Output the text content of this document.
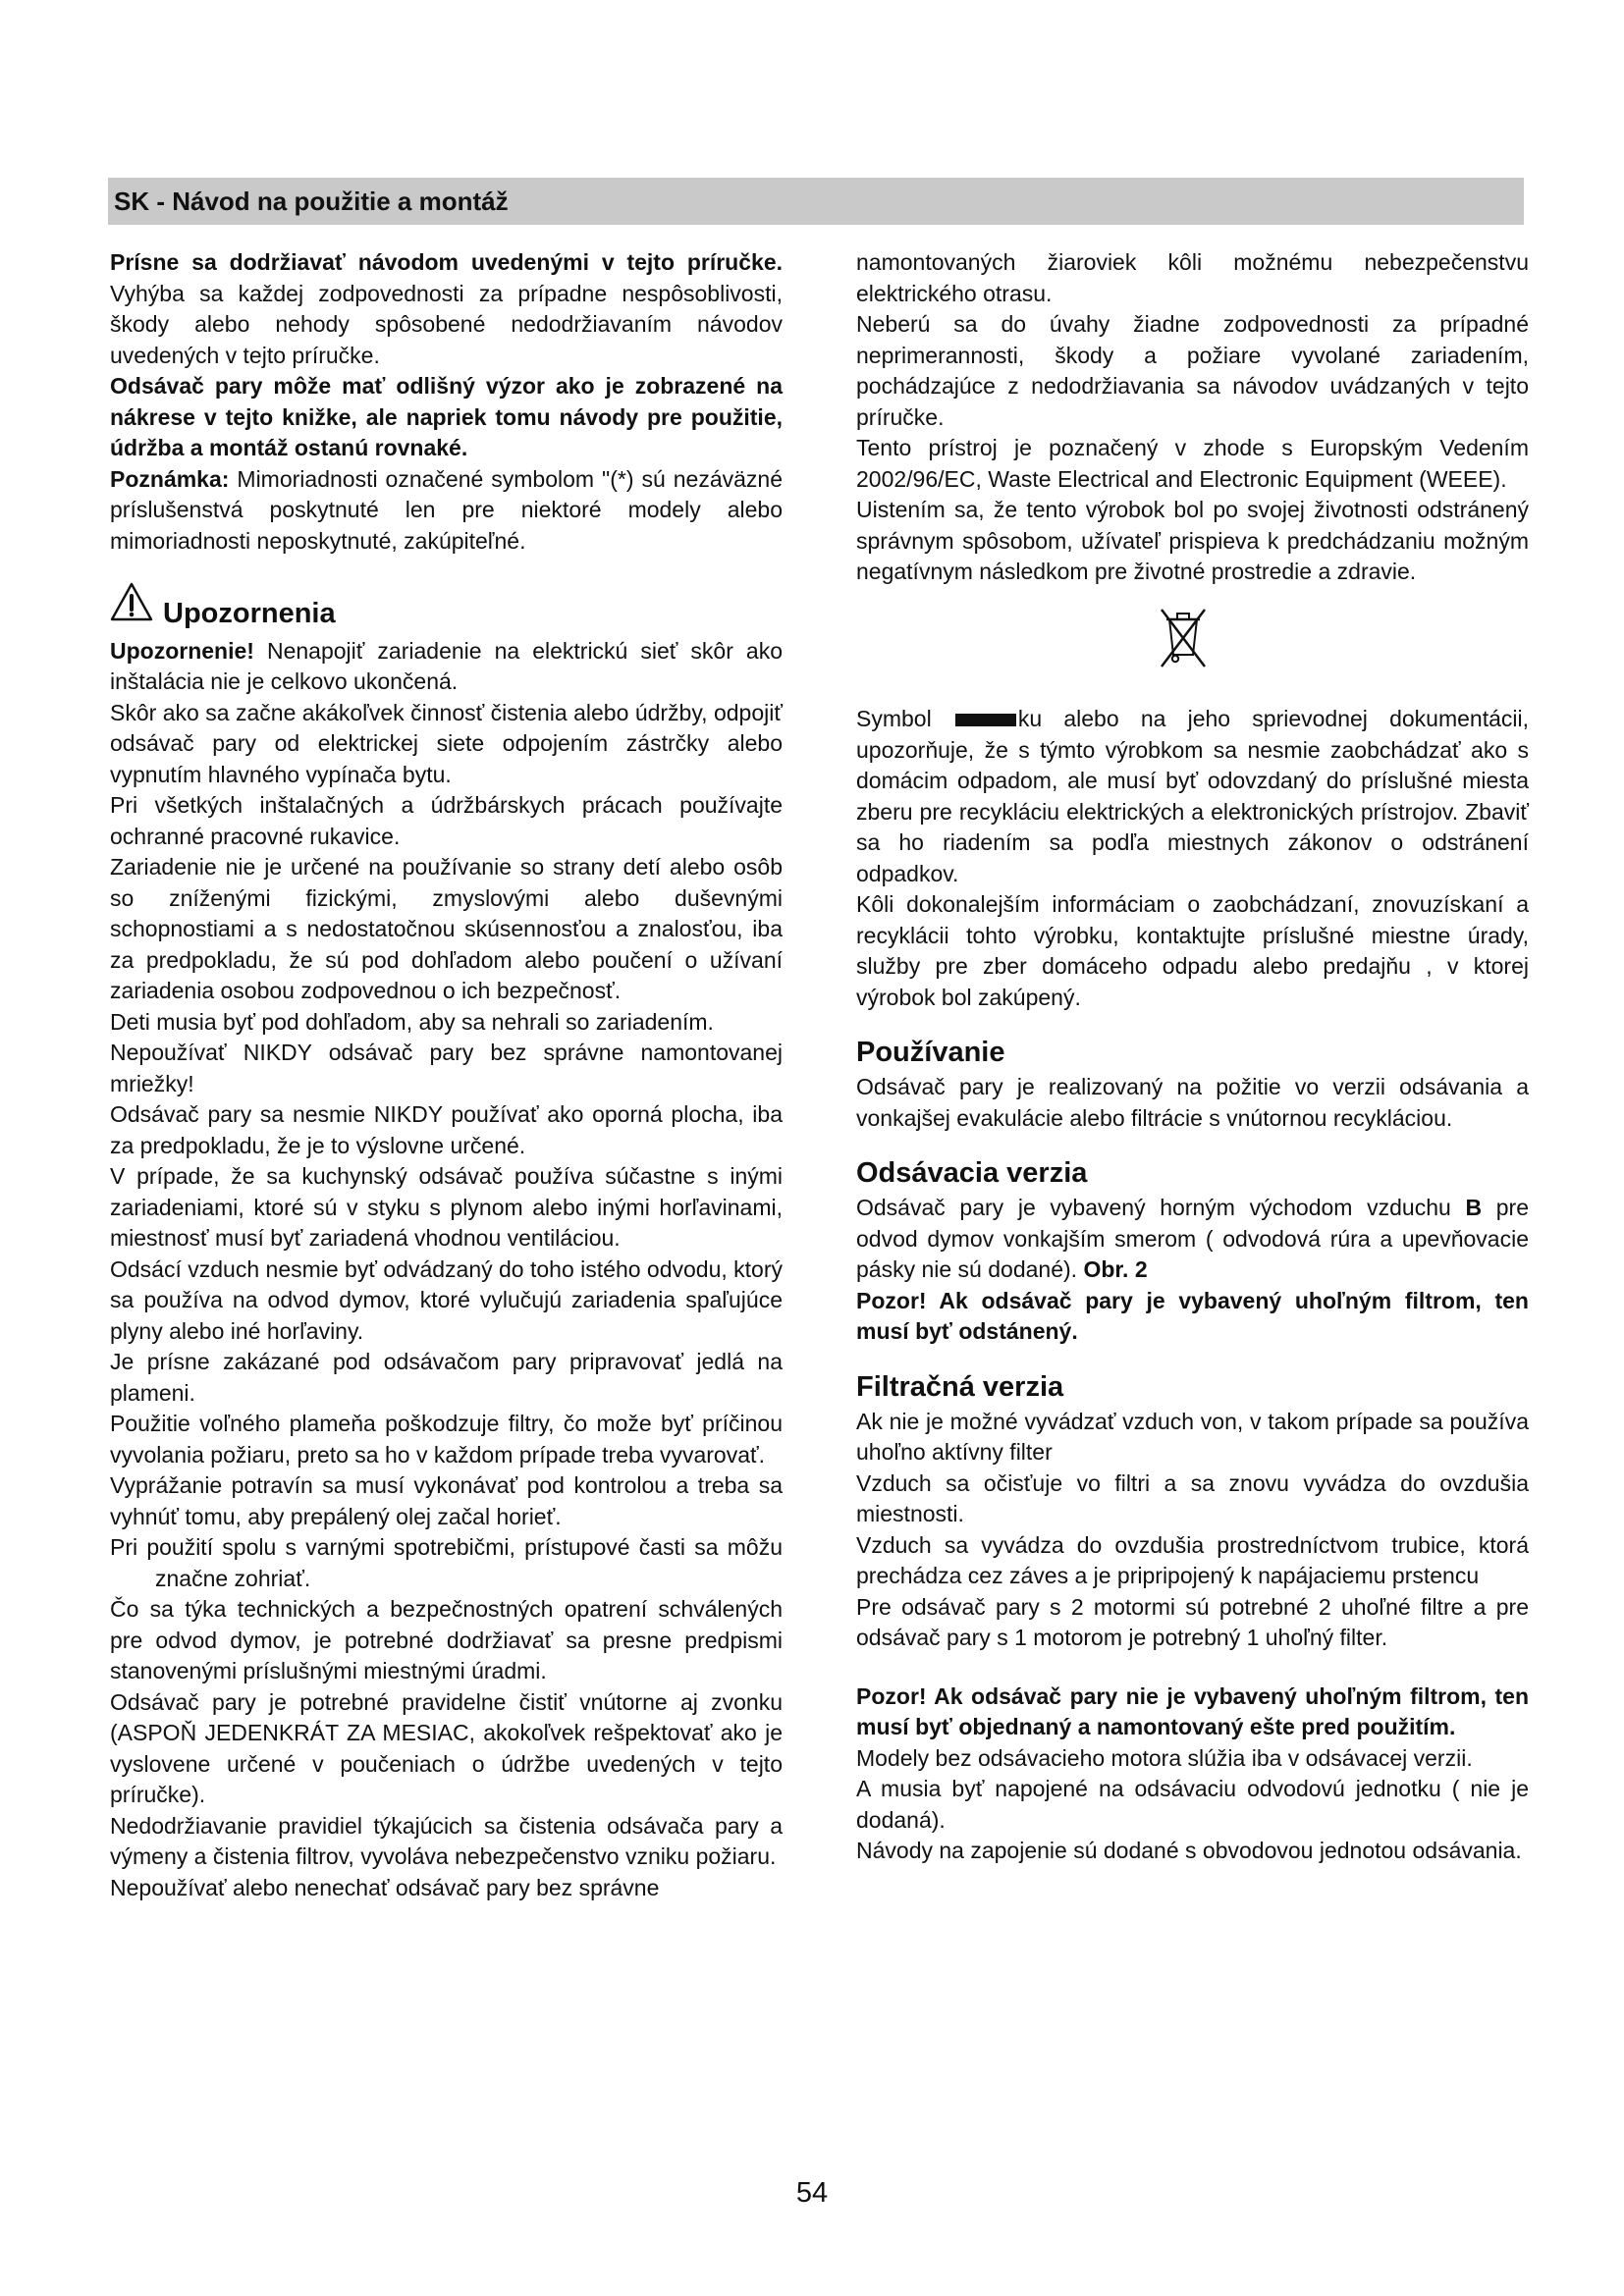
SK - Návod na použitie a montáž

Prísne sa dodržiavať návodom uvedenými v tejto príručke. Vyhýba sa každej zodpovednosti za prípadne nespôsoblivosti, škody alebo nehody spôsobené nedodržiavaním návodov uvedených v tejto príručke.

Odsávač pary môže mať odlišný výzor ako je zobrazené na nákrese v tejto knižke, ale napriek tomu návody pre použitie, údržba a montáž ostanú rovnaké.

Poznámka: Mimoriadnosti označené symbolom "(*) sú nezáväzné príslušenstvá poskytnuté len pre niektoré modely alebo mimoriadnosti neposkytnuté, zakúpiteľné.

Upozornenia

Upozornenie! Nenapojiť zariadenie na elektrickú sieť skôr ako inštalácia nie je celkovo ukončená.

Skôr ako sa začne akákoľvek činnosť čistenia alebo údržby, odpojiť odsávač pary od elektrickej siete odpojením zástrčky alebo vypnutím hlavného vypínača bytu.

Pri všetkých inštalačných a údržbárskych prácach používajte ochranné pracovné rukavice.

Zariadenie nie je určené na používanie so strany detí alebo osôb so zníženými fizickými, zmyslovými alebo duševnými schopnostiami a s nedostatočnou skúsennosťou a znalosťou, iba za predpokladu, že sú pod dohľadom alebo poučení o užívaní zariadenia osobou zodpovednou o ich bezpečnosť.

Deti musia byť pod dohľadom, aby sa nehrali so zariadením.

Nepoužívať NIKDY odsávač pary bez správne namontovanej mriežky!

Odsávač pary sa nesmie NIKDY používať ako oporná plocha, iba za predpokladu, že je to výslovne určené.

V prípade, že sa kuchynský odsávač používa súčastne s inými zariadeniami, ktoré sú v styku s plynom alebo inými horľavinami, miestnosť musí byť zariadená vhodnou ventiláciou.

Odsácí vzduch nesmie byť odvádzaný do toho istého odvodu, ktorý sa používa na odvod dymov, ktoré vylučujú zariadenia spaľujúce plyny alebo iné horľaviny.

Je prísne zakázané pod odsávačom pary pripravovať jedlá na plameni.

Použitie voľného plameňa poškodzuje filtry, čo može byť príčinou vyvolania požiaru, preto sa ho v každom prípade treba vyvarovať.

Vyprážanie potravín sa musí vykonávať pod kontrolou a treba sa vyhnúť tomu, aby prepálený olej začal horieť.

Pri použití spolu s varnými spotrebičmi, prístupové časti sa môžu značne zohriať.

Čo sa týka technických a bezpečnostných opatrení schválených pre odvod dymov, je potrebné dodržiavať sa presne predpismi stanovenými príslušnými miestnými úradmi.

Odsávač pary je potrebné pravidelne čistiť vnútorne aj zvonku (ASPOŇ JEDENKRÁT ZA MESIAC, akokoľvek rešpektovať ako je vyslovene určené v poučeniach o údržbe uvedených v tejto príručke).

Nedodržiavanie pravidiel týkajúcich sa čistenia odsávača pary a výmeny a čistenia filtrov, vyvoláva nebezpečenstvo vzniku požiaru.

Nepoužívať alebo nenechať odsávač pary bez správne

namontovaných žiaroviek kôli možnému nebezpečenstvu elektrického otrasu.

Neberú sa do úvahy žiadne zodpovednosti za prípadné neprimerannosti, škody a požiare vyvolané zariadením, pochádzajúce z nedodržiavania sa návodov uvádzaných v tejto príručke.

Tento prístroj je poznačený v zhode s Europským Vedením 2002/96/EC, Waste Electrical and Electronic Equipment (WEEE).

Uistením sa, že tento výrobok bol po svojej životnosti odstránený správnym spôsobom, užívateľ prispieva k predchádzaniu možným negatívnym následkom pre životné prostredie a zdravie.

Symbol	ku alebo na jeho sprievodnej dokumentácii, upozorňuje, že s týmto výrobkom sa nesmie zaobchádzať ako s domácim odpadom, ale musí byť odovzdaný do príslušné miesta zberu pre recykláciu elektrických a elektronických prístrojov. Zbaviť sa ho riadením sa podľa miestnych zákonov o odstránení odpadkov.

Kôli dokonalejším informáciam o zaobchádzaní, znovuzískaní a recyklácii tohto výrobku, kontaktujte príslušné miestne úrady, služby pre zber domáceho odpadu alebo predajňu , v ktorej výrobok bol zakúpený.

Používanie

Odsávač pary je realizovaný na požitie vo verzii odsávania a vonkajšej evakulácie alebo filtrácie s vnútornou recykláciou.

Odsávacia verzia

Odsávač pary je vybavený horným východom vzduchu B pre odvod dymov vonkajším smerom ( odvodová rúra a upevňovacie pásky nie sú dodané). Obr. 2

Pozor! Ak odsávač pary je vybavený uhoľným filtrom, ten musí byť odstánený.

Filtračná verzia

Ak nie je možné vyvádzať vzduch von, v takom prípade sa používa uhoľno aktívny filter

Vzduch sa očisťuje vo filtri a sa znovu vyvádza do ovzdušia miestnosti.

Vzduch sa vyvádza do ovzdušia prostredníctvom trubice, ktorá prechádza cez záves a je pripripojený k napájaciemu prstencu

Pre odsávač pary s 2 motormi sú potrebné 2 uhoľné filtre a pre odsávač pary s 1 motorom je potrebný 1 uhoľný filter.

Pozor! Ak odsávač pary nie je vybavený uhoľným filtrom, ten musí byť objednaný a namontovaný ešte pred použitím.

Modely bez odsávacieho motora slúžia iba v odsávacej verzii.

A musia byť napojené na odsávaciu odvodovú jednotku ( nie je dodaná).

Návody na zapojenie sú dodané s obvodovou jednotou odsávania.

54
